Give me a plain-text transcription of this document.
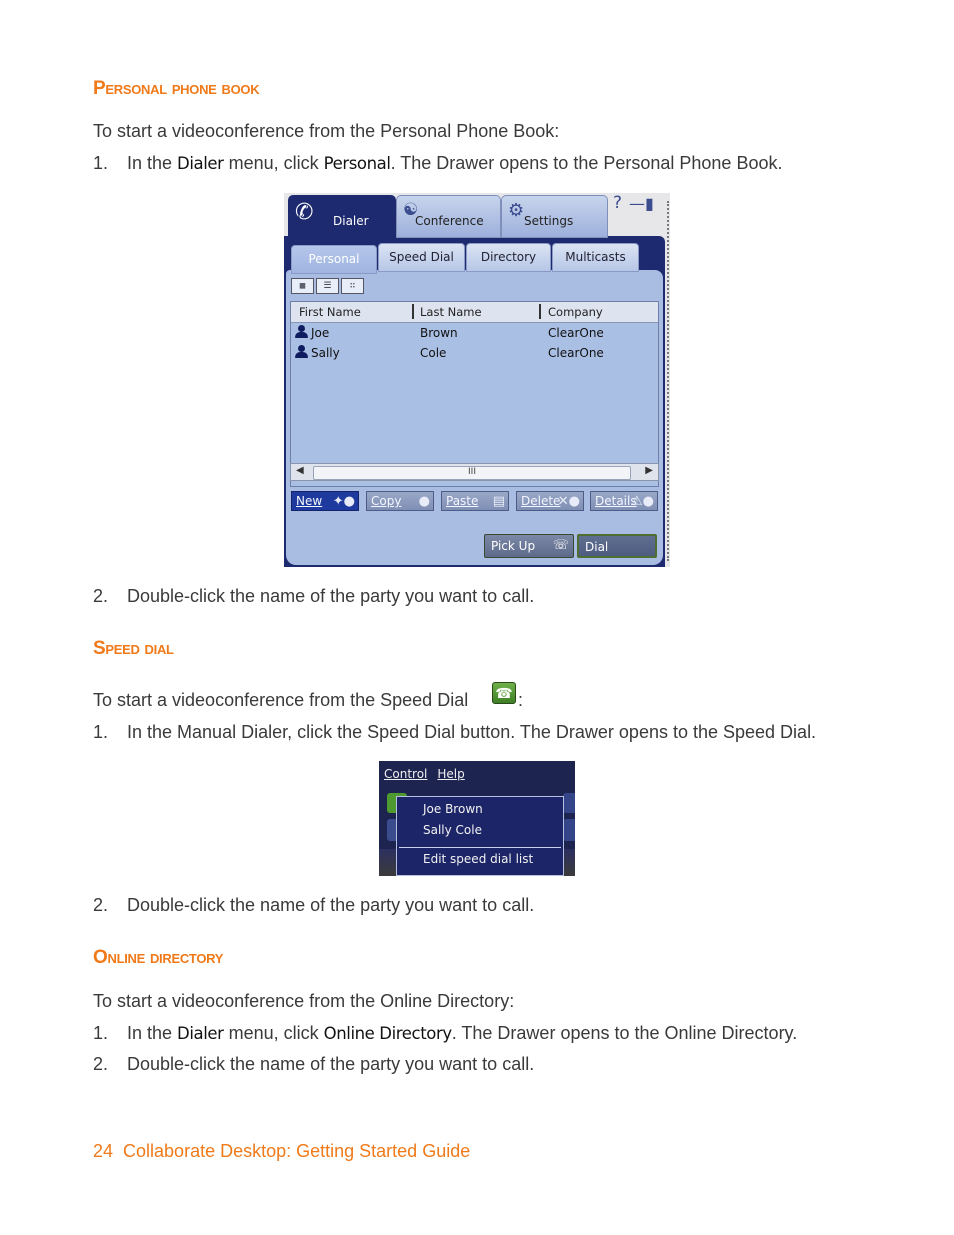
Personal phone book

To start a videoconference from the Personal Phone Book:

1. In the Dialer menu, click Personal. The Drawer opens to the Personal Phone Book.
✆ Dialer
☯
Conference ⚙ Settings
? —▮
Personal	Speed Dial	Directory	Multicasts
▦ ☰ ∷
First Name	Last Name	Company
Joe	Brown	ClearOne
Sally	Cole	ClearOne
◀	III	▶
New ✦●	Copy ●	Paste ▤	Delete
✕●	Details
⚠●
Pick Up ☏	Dial
2. Double-click the name of the party you want to call.
Speed dial

To start a videoconference from the Speed Dial ☎ :
1. In the Manual Dialer, click the Speed Dial button. The Drawer opens to the Speed Dial.
Control Help
Joe Brown
Sally Cole
Edit speed dial list
2. Double-click the name of the party you want to call.
Online directory

To start a videoconference from the Online Directory:

1. In the Dialer menu, click Online Directory. The Drawer opens to the Online Directory.
2. Double-click the name of the party you want to call.
24 Collaborate Desktop: Getting Started Guide
